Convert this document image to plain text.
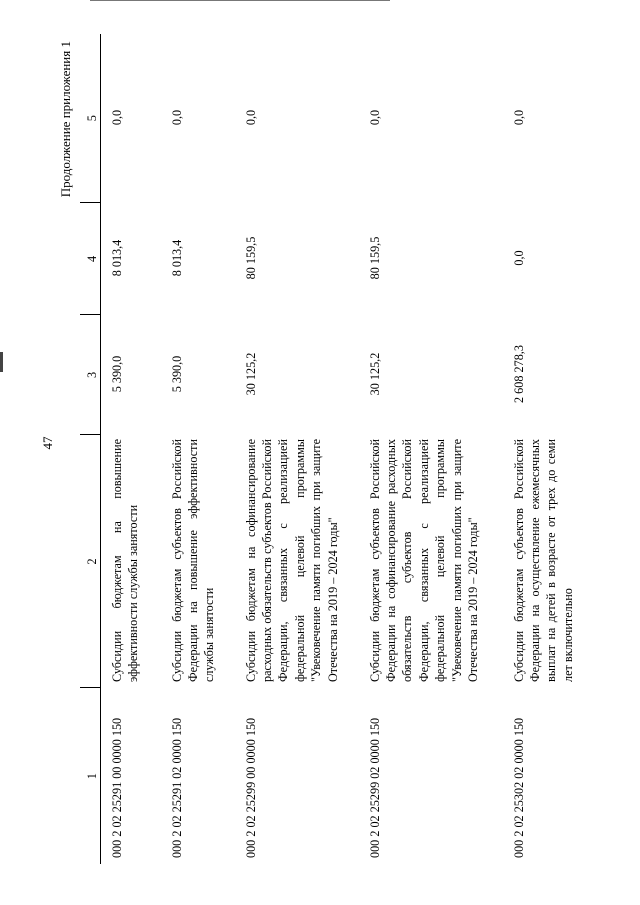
47
Продолжение приложения 1
1	2	3	4	5
000 2 02 25291 00 0000 150	Субсидии бюджетам на повышение эффективности службы занятости	5 390,0	8 013,4	0,0
000 2 02 25291 02 0000 150	Субсидии бюджетам субъектов Российской Федерации на повышение эффективности службы занятости	5 390,0	8 013,4	0,0
000 2 02 25299 00 0000 150	Субсидии бюджетам на софинансирование расходных обязательств субъектов Российской Федерации, связанных с реализацией федеральной целевой программы "Увековечение памяти погибших при защите Отечества на 2019 – 2024 годы"	30 125,2	80 159,5	0,0
000 2 02 25299 02 0000 150	Субсидии бюджетам субъектов Российской Федерации на софинансирование расходных обязательств субъектов Российской Федерации, связанных с реализацией федеральной целевой программы "Увековечение памяти погибших при защите Отечества на 2019 – 2024 годы"	30 125,2	80 159,5	0,0
000 2 02 25302 02 0000 150	Субсидии бюджетам субъектов Российской Федерации на осуществление ежемесячных выплат на детей в возрасте от трех до семи лет включительно	2 608 278,3	0,0	0,0
